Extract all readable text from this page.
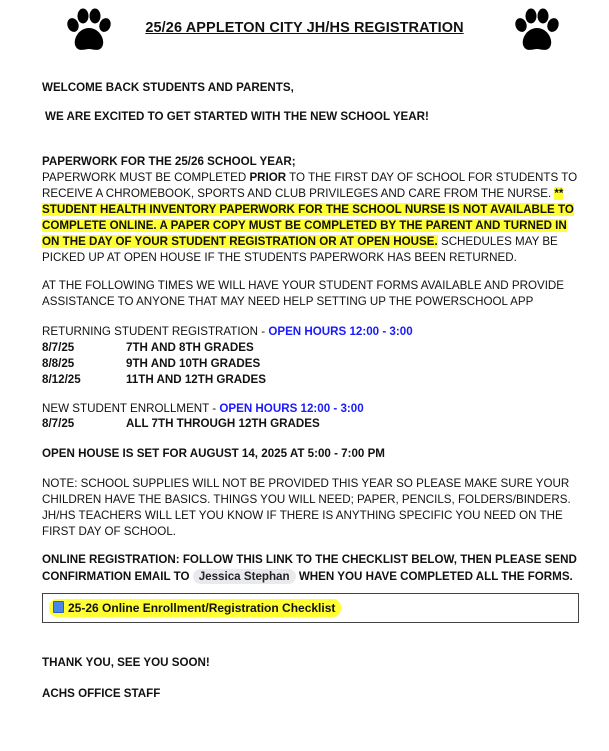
25/26 APPLETON CITY JH/HS REGISTRATION
WELCOME BACK STUDENTS AND PARENTS,
WE ARE EXCITED TO GET STARTED WITH THE NEW SCHOOL YEAR!
PAPERWORK FOR THE 25/26 SCHOOL YEAR;
PAPERWORK MUST BE COMPLETED PRIOR TO THE FIRST DAY OF SCHOOL FOR STUDENTS TO
RECEIVE A CHROMEBOOK, SPORTS AND CLUB PRIVILEGES AND CARE FROM THE NURSE. **
STUDENT HEALTH INVENTORY PAPERWORK FOR THE SCHOOL NURSE IS NOT AVAILABLE TO
COMPLETE ONLINE. A PAPER COPY MUST BE COMPLETED BY THE PARENT AND TURNED IN
ON THE DAY OF YOUR STUDENT REGISTRATION OR AT OPEN HOUSE. SCHEDULES MAY BE
PICKED UP AT OPEN HOUSE IF THE STUDENTS PAPERWORK HAS BEEN RETURNED.
AT THE FOLLOWING TIMES WE WILL HAVE YOUR STUDENT FORMS AVAILABLE AND PROVIDE
ASSISTANCE TO ANYONE THAT MAY NEED HELP SETTING UP THE POWERSCHOOL APP
RETURNING STUDENT REGISTRATION - OPEN HOURS 12:00 - 3:00
8/7/25	7TH AND 8TH GRADES
8/8/25	9TH AND 10TH GRADES
8/12/25	11TH AND 12TH GRADES
NEW STUDENT ENROLLMENT - OPEN HOURS 12:00 - 3:00
8/7/25	ALL 7TH THROUGH 12TH GRADES
OPEN HOUSE IS SET FOR AUGUST 14, 2025 AT 5:00 - 7:00 PM
NOTE: SCHOOL SUPPLIES WILL NOT BE PROVIDED THIS YEAR SO PLEASE MAKE SURE YOUR
CHILDREN HAVE THE BASICS. THINGS YOU WILL NEED; PAPER, PENCILS, FOLDERS/BINDERS.
JH/HS TEACHERS WILL LET YOU KNOW IF THERE IS ANYTHING SPECIFIC YOU NEED ON THE
FIRST DAY OF SCHOOL.
ONLINE REGISTRATION: FOLLOW THIS LINK TO THE CHECKLIST BELOW, THEN PLEASE SEND
CONFIRMATION EMAIL TO Jessica Stephan WHEN YOU HAVE COMPLETED ALL THE FORMS.
25-26 Online Enrollment/Registration Checklist
THANK YOU, SEE YOU SOON!
ACHS OFFICE STAFF
